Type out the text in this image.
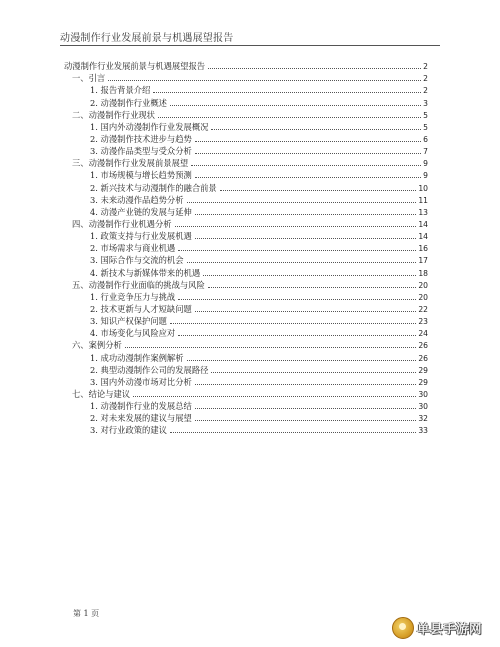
动漫制作行业发展前景与机遇展望报告
动漫制作行业发展前景与机遇展望报告	2
一、引言	2
1. 报告背景介绍	2
2. 动漫制作行业概述	3
二、动漫制作行业现状	5
1. 国内外动漫制作行业发展概况	5
2. 动漫制作技术进步与趋势	6
3. 动漫作品类型与受众分析	7
三、动漫制作行业发展前景展望	9
1. 市场规模与增长趋势预测	9
2. 新兴技术与动漫制作的融合前景	10
3. 未来动漫作品趋势分析	11
4. 动漫产业链的发展与延伸	13
四、动漫制作行业机遇分析	14
1. 政策支持与行业发展机遇	14
2. 市场需求与商业机遇	16
3. 国际合作与交流的机会	17
4. 新技术与新媒体带来的机遇	18
五、动漫制作行业面临的挑战与风险	20
1. 行业竞争压力与挑战	20
2. 技术更新与人才短缺问题	22
3. 知识产权保护问题	23
4. 市场变化与风险应对	24
六、案例分析	26
1. 成功动漫制作案例解析	26
2. 典型动漫制作公司的发展路径	29
3. 国内外动漫市场对比分析	29
七、结论与建议	30
1. 动漫制作行业的发展总结	30
2. 对未来发展的建议与展望	32
3. 对行业政策的建议	33
第 1 页
单县手游网
